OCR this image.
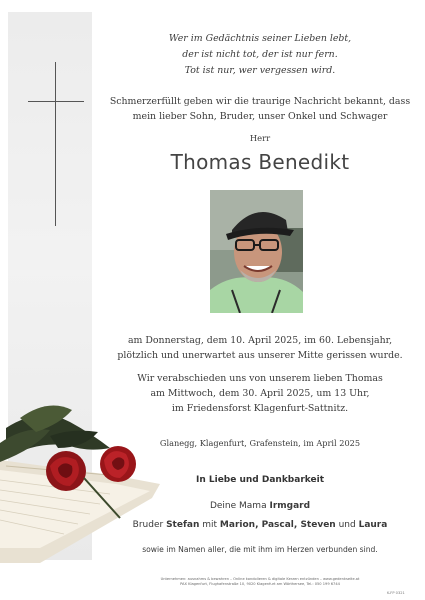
Wer im Gedächtnis seiner Lieben lebt,

der ist nicht tot, der ist nur fern.

Tot ist nur, wer vergessen wird.

Schmerzerfüllt geben wir die traurige Nachricht bekannt, dass

mein lieber Sohn, Bruder, unser Onkel und Schwager

Herr
Thomas Benedikt

am Donnerstag, dem 10. April 2025, im 60. Lebensjahr,

plötzlich und unerwartet aus unserer Mitte gerissen wurde.

Wir verabschieden uns von unserem lieben Thomas

am Mittwoch, dem 30. April 2025, um 13 Uhr,

im Friedensforst Klagenfurt-Sattnitz.

Glanegg, Klagenfurt, Grafenstein, im April 2025
In Liebe und Dankbarkeit
Deine Mama Irmgard
Bruder Stefan mit Marion, Pascal, Steven und Laura
sowie im Namen aller, die mit ihm im Herzen verbunden sind.

Unternehmen: ausnahms & bewahren – Online kondolieren & digitale Kerzen entzünden – www.gedenkseite.at

PAX Klagenfurt, Flughafenstraße 10, 9020 Klagenfurt am Wörthersee, Tel.: 050 199 6744

K-FP 0321
